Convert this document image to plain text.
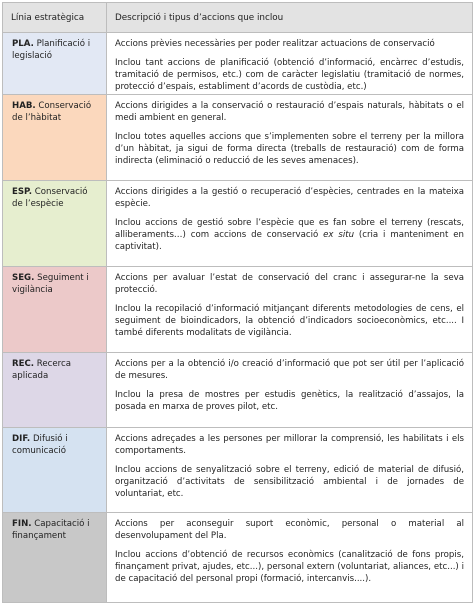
Línia estratègica	Descripció i tipus d’accions que inclou
PLA. Planificació i legislació	Accions prèvies necessàries per poder realitzar actuacions de conservació

Inclou tant accions de planificació (obtenció d’informació, encàrrec d’estudis, tramitació de permisos, etc.) com de caràcter legislatiu (tramitació de normes, protecció d’espais, establiment d’acords de custòdia, etc.)

HAB. Conservació de l’hàbitat	Accions dirigides a la conservació o restauració d’espais naturals, hàbitats o el medi ambient en general.

Inclou totes aquelles accions que s’implementen sobre el terreny per la millora d’un hàbitat, ja sigui de forma directa (treballs de restauració) com de forma indirecta (eliminació o reducció de les seves amenaces).

ESP. Conservació de l’espècie	Accions dirigides a la gestió o recuperació d’espècies, centrades en la mateixa espècie.

Inclou accions de gestió sobre l’espècie que es fan sobre el terreny (rescats, alliberaments…) com accions de conservació ex situ (cria i manteniment en captivitat).

SEG. Seguiment i vigilància	Accions per avaluar l’estat de conservació del cranc i assegurar-ne la seva protecció.

Inclou la recopilació d’informació mitjançant diferents metodologies de cens, el seguiment de bioindicadors, la obtenció d’indicadors socioeconòmics, etc.... I també diferents modalitats de vigilància.

REC. Recerca aplicada	Accions per a la obtenció i/o creació d’informació que pot ser útil per l’aplicació de mesures.

Inclou la presa de mostres per estudis genètics, la realització d’assajos, la posada en marxa de proves pilot, etc.

DIF. Difusió i comunicació	Accions adreçades a les persones per millorar la comprensió, les habilitats i els comportaments.

Inclou accions de senyalització sobre el terreny, edició de material de difusió, organització d’activitats de sensibilització ambiental i de jornades de voluntariat, etc.

FIN. Capacitació i finançament	Accions per aconseguir suport econòmic, personal o material al desenvolupament del Pla.

Inclou accions d’obtenció de recursos econòmics (canalització de fons propis, finançament privat, ajudes, etc...), personal extern (voluntariat, aliances, etc...) i de capacitació del personal propi (formació, intercanvis....).
